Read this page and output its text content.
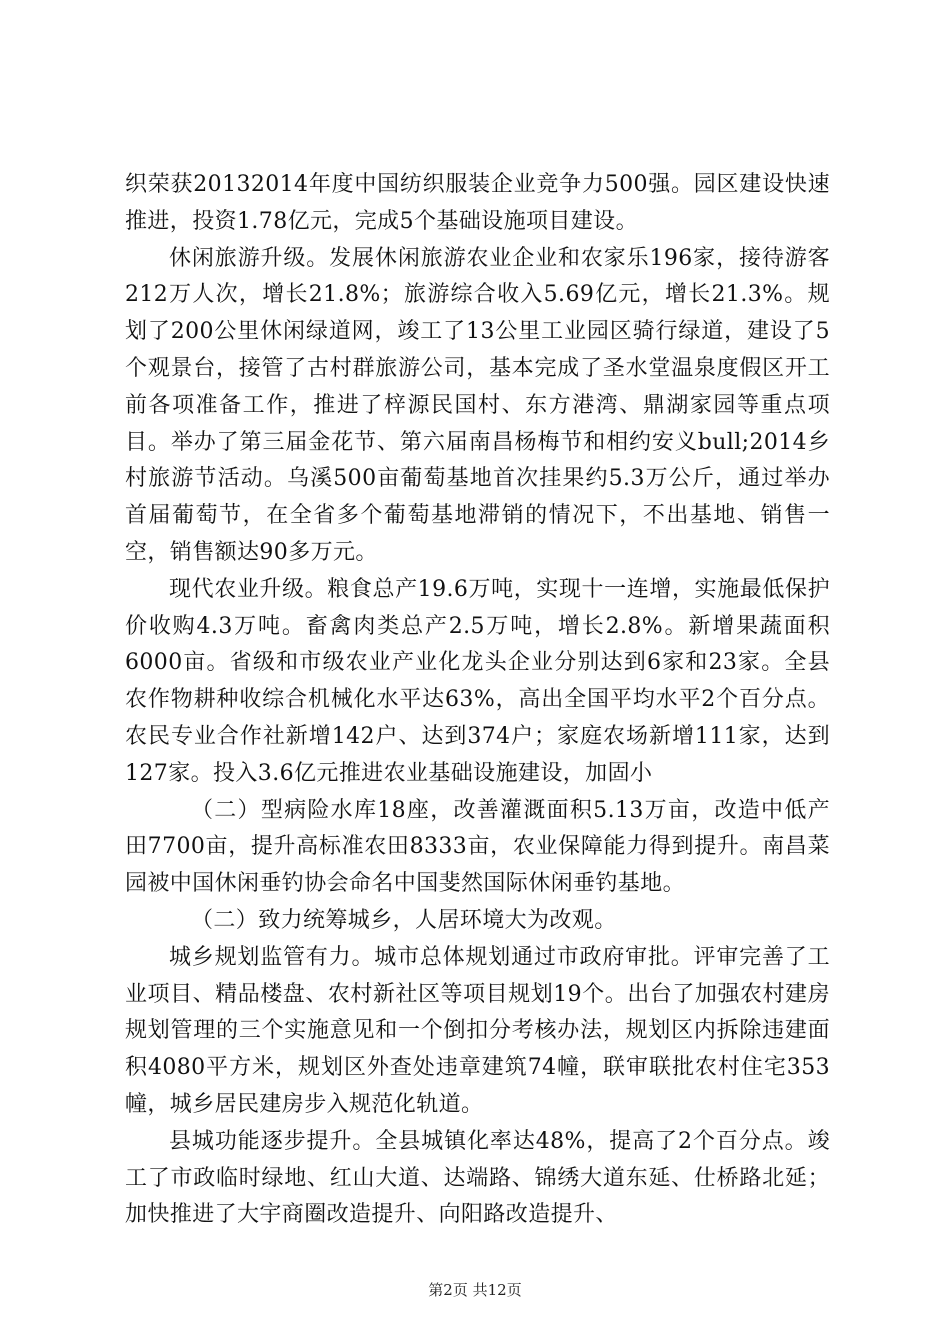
织荣获20132014年度中国纺织服装企业竞争力500强。园区建设快速推进，投资1.78亿元，完成5个基础设施项目建设。

休闲旅游升级。发展休闲旅游农业企业和农家乐196家，接待游客212万人次，增长21.8%；旅游综合收入5.69亿元，增长21.3%。规划了200公里休闲绿道网，竣工了13公里工业园区骑行绿道，建设了5个观景台，接管了古村群旅游公司，基本完成了圣水堂温泉度假区开工前各项准备工作，推进了梓源民国村、东方港湾、鼎湖家园等重点项目。举办了第三届金花节、第六届南昌杨梅节和相约安义bull;2014乡村旅游节活动。乌溪500亩葡萄基地首次挂果约5.3万公斤，通过举办首届葡萄节，在全省多个葡萄基地滞销的情况下，不出基地、销售一空，销售额达90多万元。

现代农业升级。粮食总产19.6万吨，实现十一连增，实施最低保护价收购4.3万吨。畜禽肉类总产2.5万吨，增长2.8%。新增果蔬面积6000亩。省级和市级农业产业化龙头企业分别达到6家和23家。全县农作物耕种收综合机械化水平达63%，高出全国平均水平2个百分点。农民专业合作社新增142户、达到374户；家庭农场新增111家，达到127家。投入3.6亿元推进农业基础设施建设，加固小

（二）型病险水库18座，改善灌溉面积5.13万亩，改造中低产田7700亩，提升高标准农田8333亩，农业保障能力得到提升。南昌菜园被中国休闲垂钓协会命名中国斐然国际休闲垂钓基地。

（二）致力统筹城乡，人居环境大为改观。

城乡规划监管有力。城市总体规划通过市政府审批。评审完善了工业项目、精品楼盘、农村新社区等项目规划19个。出台了加强农村建房规划管理的三个实施意见和一个倒扣分考核办法，规划区内拆除违建面积4080平方米，规划区外查处违章建筑74幢，联审联批农村住宅353幢，城乡居民建房步入规范化轨道。

县城功能逐步提升。全县城镇化率达48%，提高了2个百分点。竣工了市政临时绿地、红山大道、达端路、锦绣大道东延、仕桥路北延；加快推进了大宇商圈改造提升、向阳路改造提升、

第2页 共12页
